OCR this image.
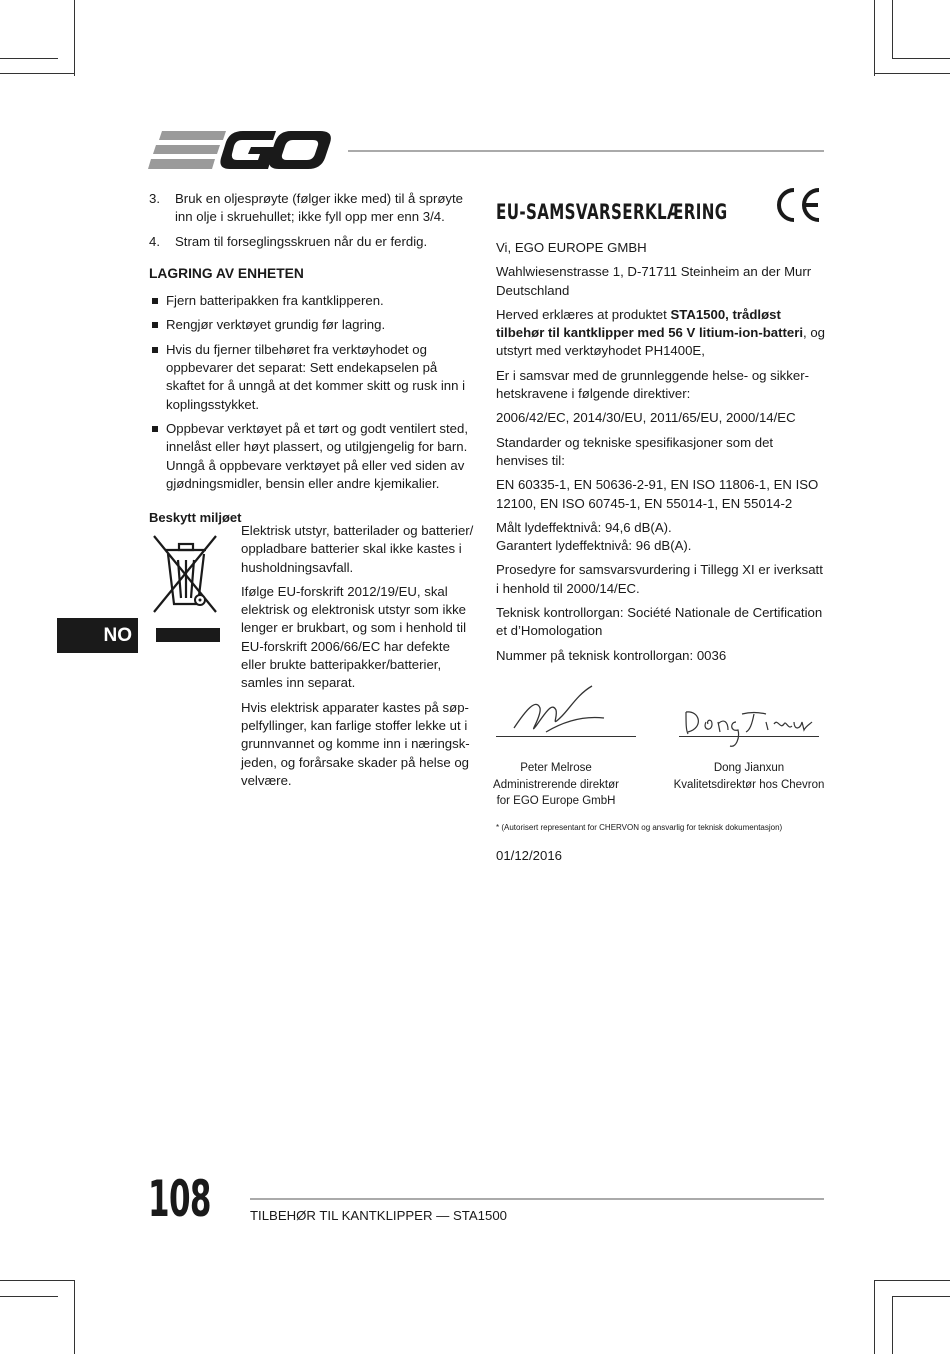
3. Bruk en oljesprøyte (følger ikke med) til å sprøyte inn olje i skruehullet; ikke fyll opp mer enn 3/4.
4. Stram til forseglingsskruen når du er ferdig.
LAGRING AV ENHETEN
Fjern batteripakken fra kantklipperen.
Rengjør verktøyet grundig før lagring.
Hvis du fjerner tilbehøret fra verktøyhodet og oppbevarer det separat: Sett endekapselen på skaftet for å unngå at det kommer skitt og rusk inn i koplingsstykket.
Oppbevar verktøyet på et tørt og godt ventilert sted, innelåst eller høyt plassert, og utilgjengelig for barn. Unngå å oppbevare verktøyet på eller ved siden av gjødningsmidler, bensin eller andre kjemikalier.
Beskytt miljøet

Elektrisk utstyr, batterilader og batterier/ oppladbare batterier skal ikke kastes i husholdningsavfall.

Ifølge EU-forskrift 2012/19/EU, skal elektrisk og elektronisk utstyr som ikke lenger er brukbart, og som i henhold til EU-forskrift 2006/66/EC har defekte eller brukte batteripakker/batterier, samles inn separat.

Hvis elektrisk apparater kastes på søp-pelfyllinger, kan farlige stoffer lekke ut i grunnvannet og komme inn i næringsk-jeden, og forårsake skader på helse og velvære.

NO
EU-SAMSVARSERKLÆRING

Vi, EGO EUROPE GMBH

Wahlwiesenstrasse 1, D-71711 Steinheim an der Murr Deutschland

Herved erklæres at produktet STA1500, trådløst tilbehør til kantklipper med 56 V litium-ion-batteri, og utstyrt med verktøyhodet PH1400E,

Er i samsvar med de grunnleggende helse- og sikker-hetskravene i følgende direktiver:

2006/42/EC, 2014/30/EU, 2011/65/EU, 2000/14/EC

Standarder og tekniske spesifikasjoner som det henvises til:

EN 60335-1, EN 50636-2-91, EN ISO 11806-1, EN ISO 12100, EN ISO 60745-1, EN 55014-1, EN 55014-2

Målt lydeffektnivå: 94,6 dB(A).

Garantert lydeffektnivå: 96 dB(A).

Prosedyre for samsvarsvurdering i Tillegg XI er iverksatt i henhold til 2000/14/EC.

Teknisk kontrollorgan: Société Nationale de Certification et d’Homologation

Nummer på teknisk kontrollorgan: 0036

Peter Melrose
Administrerende direktør
for EGO Europe GmbH
Dong Jianxun
Kvalitetsdirektør hos Chevron
* (Autorisert representant for CHERVON og ansvarlig for teknisk dokumentasjon)
01/12/2016
108	TILBEHØR TIL KANTKLIPPER — STA1500
